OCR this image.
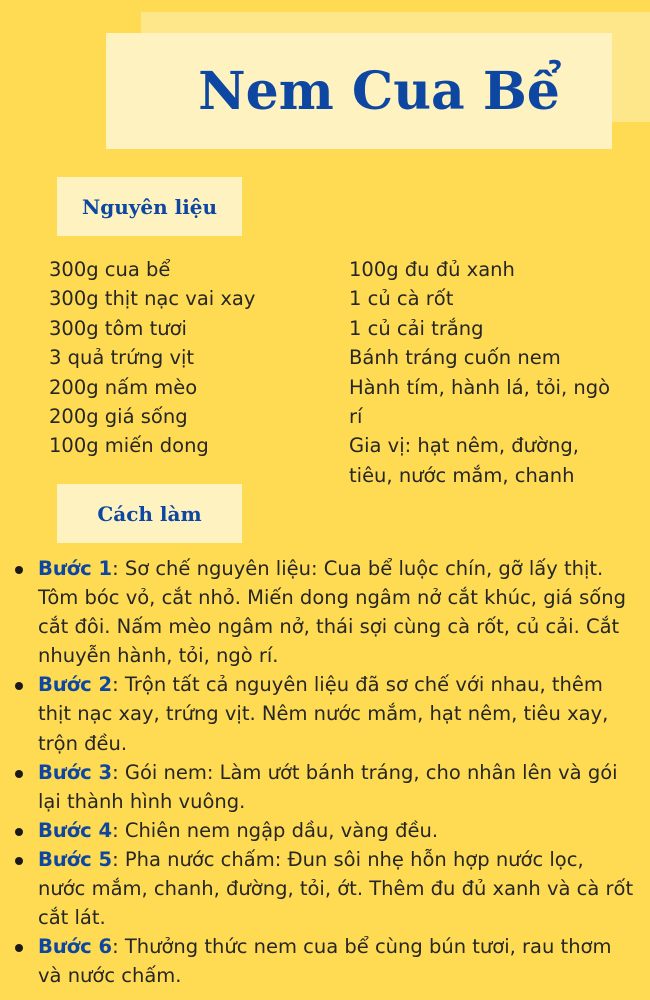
Nem Cua Bể
Nguyên liệu
300g cua bể
300g thịt nạc vai xay
300g tôm tươi
3 quả trứng vịt
200g nấm mèo
200g giá sống
100g miến dong
100g đu đủ xanh
1 củ cà rốt
1 củ cải trắng
Bánh tráng cuốn nem
Hành tím, hành lá, tỏi, ngò rí
Gia vị: hạt nêm, đường, tiêu, nước mắm, chanh
Cách làm
Bước 1: Sơ chế nguyên liệu: Cua bể luộc chín, gỡ lấy thịt. Tôm bóc vỏ, cắt nhỏ. Miến dong ngâm nở cắt khúc, giá sống cắt đôi. Nấm mèo ngâm nở, thái sợi cùng cà rốt, củ cải. Cắt nhuyễn hành, tỏi, ngò rí.
Bước 2: Trộn tất cả nguyên liệu đã sơ chế với nhau, thêm thịt nạc xay, trứng vịt. Nêm nước mắm, hạt nêm, tiêu xay, trộn đều.
Bước 3: Gói nem: Làm ướt bánh tráng, cho nhân lên và gói lại thành hình vuông.
Bước 4: Chiên nem ngập dầu, vàng đều.
Bước 5: Pha nước chấm: Đun sôi nhẹ hỗn hợp nước lọc, nước mắm, chanh, đường, tỏi, ớt. Thêm đu đủ xanh và cà rốt cắt lát.
Bước 6: Thưởng thức nem cua bể cùng bún tươi, rau thơm và nước chấm.
